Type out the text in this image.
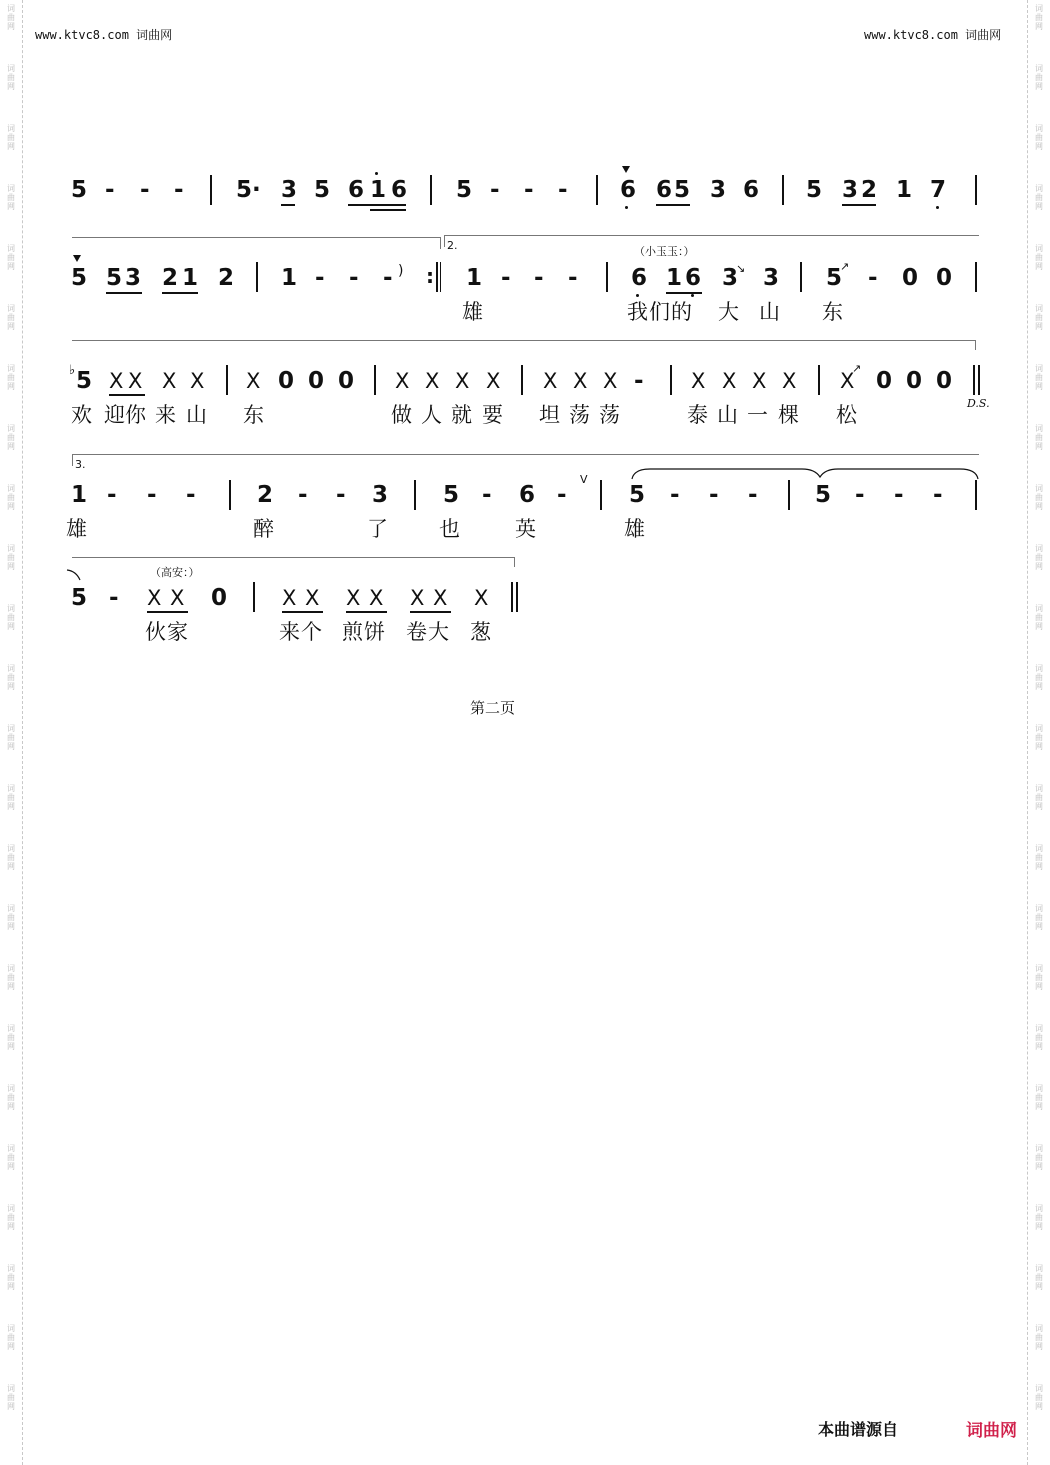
词
曲
网
词
曲
网
词
曲
网
词
曲
网
词
曲
网
词
曲
网
词
曲
网
词
曲
网
词
曲
网
词
曲
网
词
曲
网
词
曲
网
词
曲
网
词
曲
网
词
曲
网
词
曲
网
词
曲
网
词
曲
网
词
曲
网
词
曲
网
词
曲
网
词
曲
网
词
曲
网
词
曲
网
词
曲
网
词
曲
网
词
曲
网
词
曲
网
词
曲
网
词
曲
网
词
曲
网
词
曲
网
词
曲
网
词
曲
网
词
曲
网
词
曲
网
词
曲
网
词
曲
网
词
曲
网
词
曲
网
词
曲
网
词
曲
网
词
曲
网
词
曲
网
词
曲
网
词
曲
网
词
曲
网
词
曲
网
www.ktvc8.com 词曲网	www.ktvc8.com 词曲网
5 - - - 5· 3 5 6 1 6 5 - - - 6 6 5 3 6 5 3 2 1 7
2.	（小玉玉：）
5 5 3 2 1 2 1 - - - ) : 1 - - - 6 1 6 3
↘ 3 5
↗ - 0 0
雄	我们的 大 山 东
♭ 5 X X X X X 0 0 0 X X X X X X X - X X X X X
↗ 0 0 0
D.S.
欢 迎你 来 山 东	做 人 就 要 坦 荡 荡	泰 山 一 棵 松
3.
1 - - -	2 - - 3 5 - 6 -
V
5 - - - 5 - - -
雄	醉	了 也	英	雄
（高安：）
5 - X X 0	X X X X X X X
伙家	来个 煎饼 卷大 葱
第二页
本曲谱源自	词曲网
